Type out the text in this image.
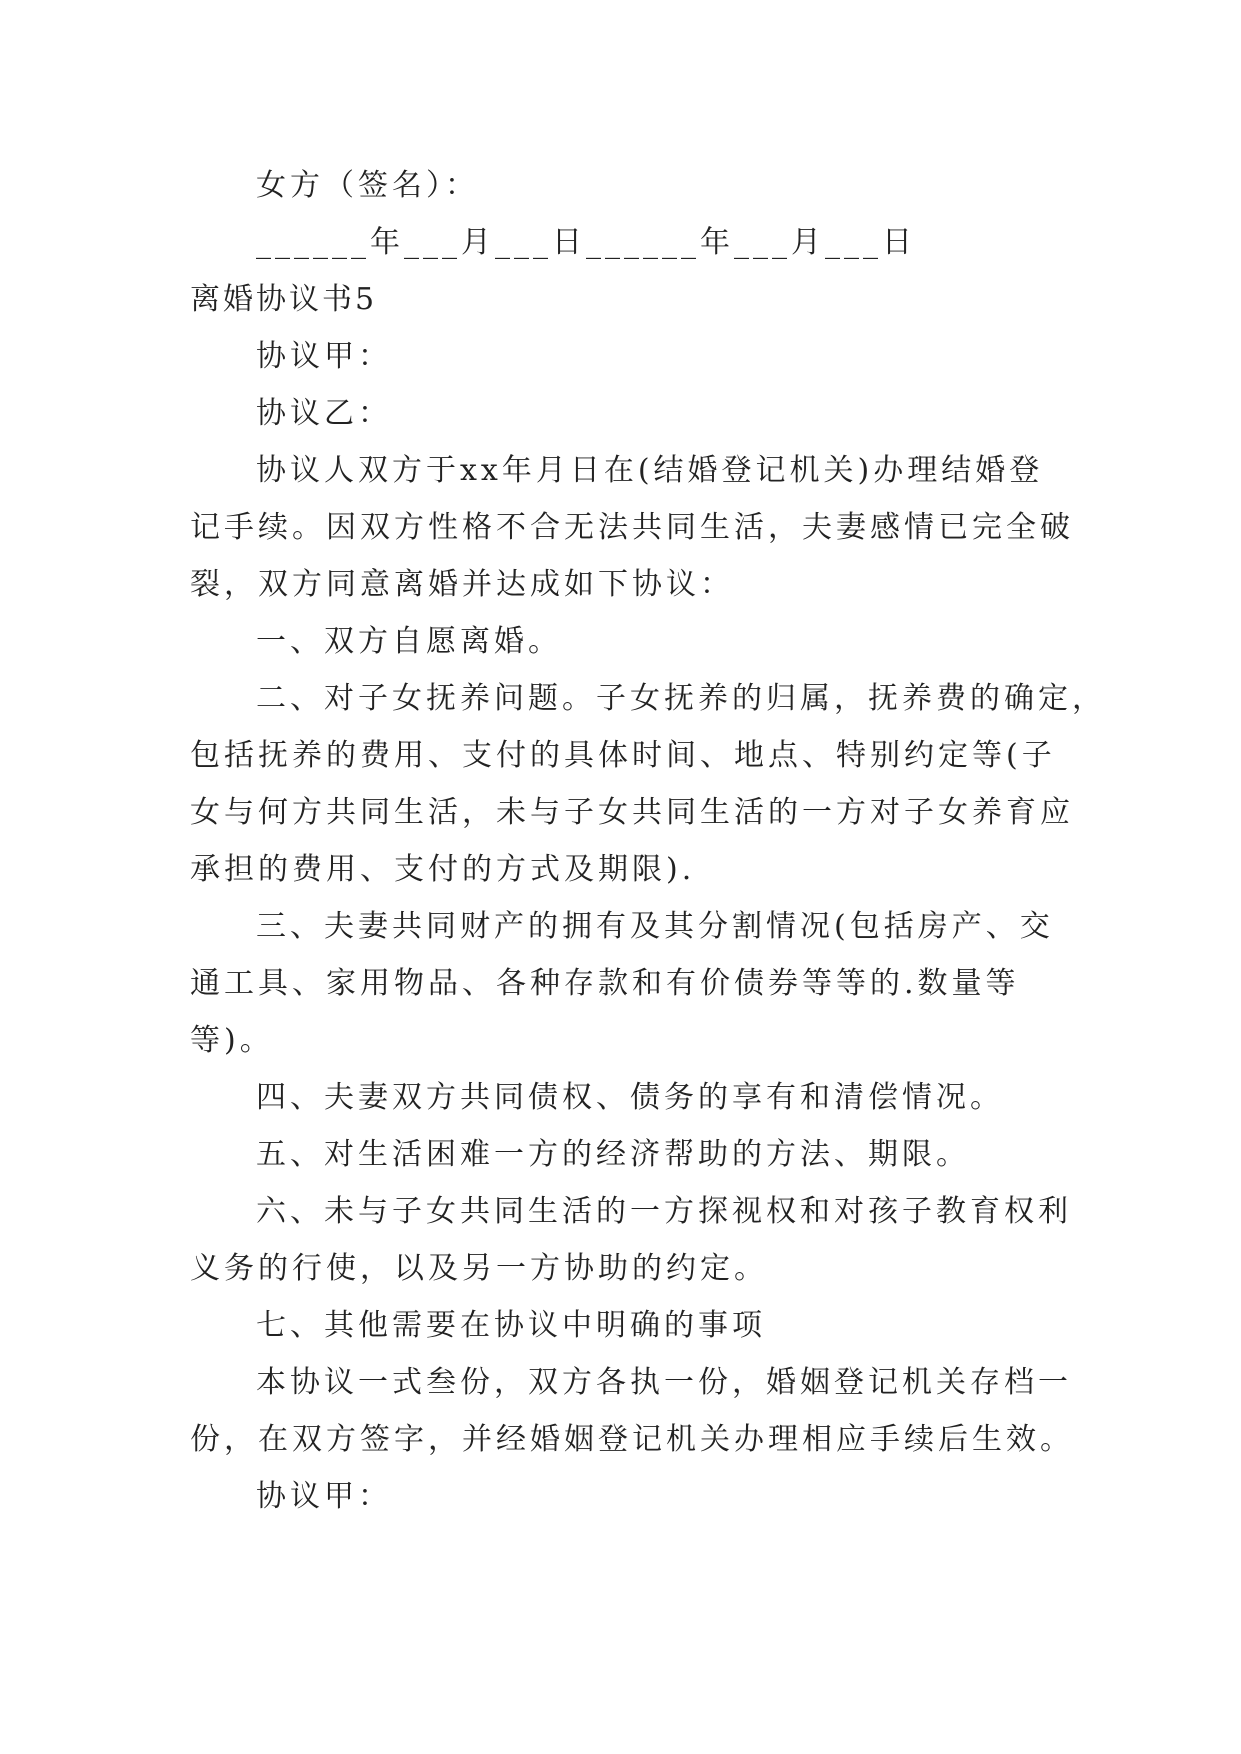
女方（签名）：
______年___月___日______年___月___日
离婚协议书5
协议甲：
协议乙：
协议人双方于xx年月日在(结婚登记机关)办理结婚登
记手续。因双方性格不合无法共同生活，夫妻感情已完全破
裂，双方同意离婚并达成如下协议：
一、双方自愿离婚。
二、对子女抚养问题。子女抚养的归属，抚养费的确定，
包括抚养的费用、支付的具体时间、地点、特别约定等(子
女与何方共同生活，未与子女共同生活的一方对子女养育应
承担的费用、支付的方式及期限).
三、夫妻共同财产的拥有及其分割情况(包括房产、交
通工具、家用物品、各种存款和有价债券等等的.数量等
等)。
四、夫妻双方共同债权、债务的享有和清偿情况。
五、对生活困难一方的经济帮助的方法、期限。
六、未与子女共同生活的一方探视权和对孩子教育权利
义务的行使，以及另一方协助的约定。
七、其他需要在协议中明确的事项
本协议一式叁份，双方各执一份，婚姻登记机关存档一
份，在双方签字，并经婚姻登记机关办理相应手续后生效。
协议甲：
